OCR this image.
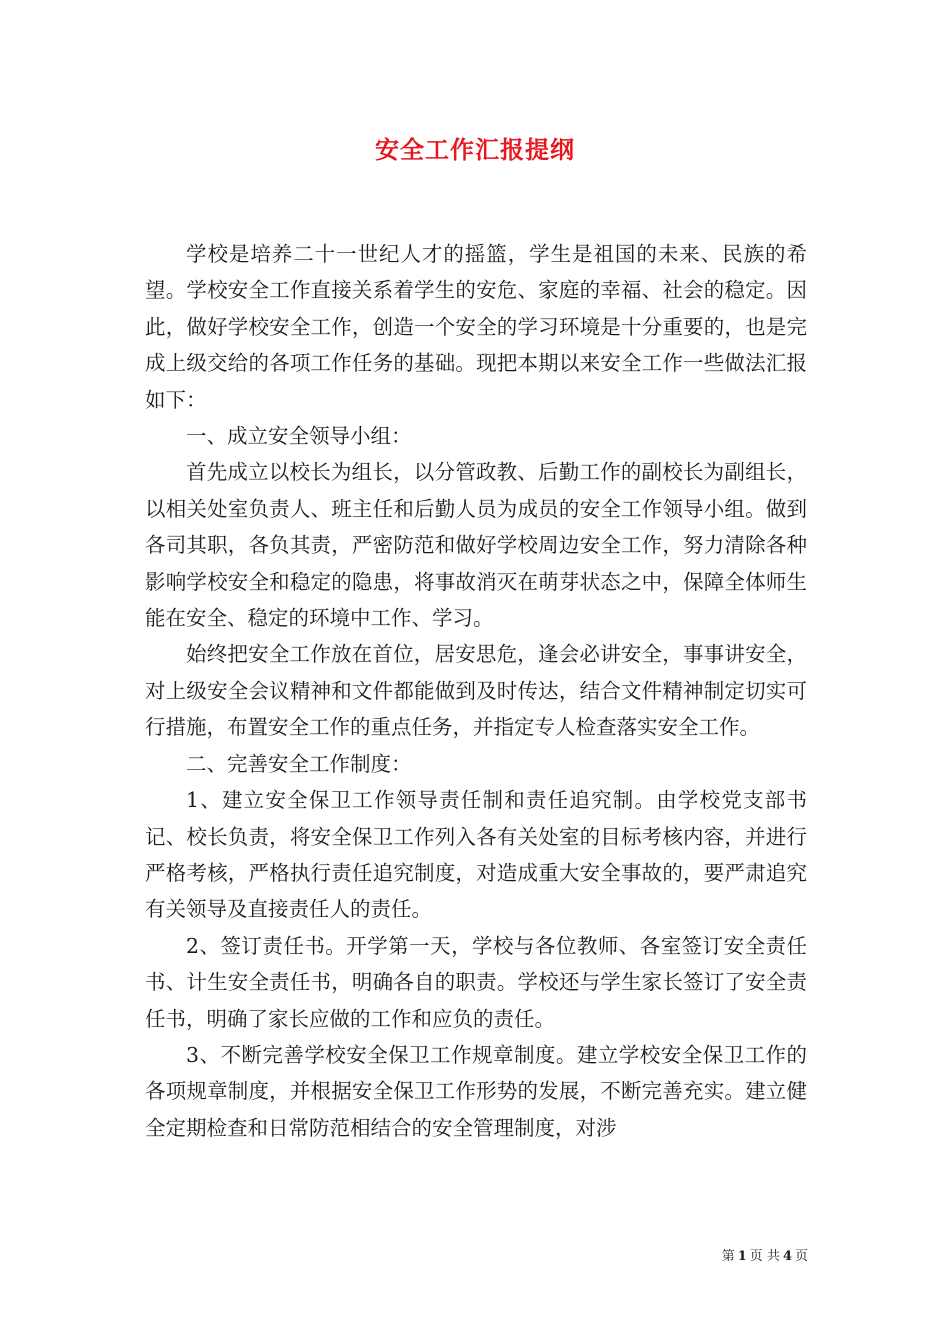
安全工作汇报提纲

学校是培养二十一世纪人才的摇篮，学生是祖国的未来、民族的希望。学校安全工作直接关系着学生的安危、家庭的幸福、社会的稳定。因此，做好学校安全工作，创造一个安全的学习环境是十分重要的，也是完成上级交给的各项工作任务的基础。现把本期以来安全工作一些做法汇报如下：

一、成立安全领导小组：

首先成立以校长为组长，以分管政教、后勤工作的副校长为副组长，以相关处室负责人、班主任和后勤人员为成员的安全工作领导小组。做到各司其职，各负其责，严密防范和做好学校周边安全工作，努力清除各种影响学校安全和稳定的隐患，将事故消灭在萌芽状态之中，保障全体师生能在安全、稳定的环境中工作、学习。

始终把安全工作放在首位，居安思危，逢会必讲安全，事事讲安全，对上级安全会议精神和文件都能做到及时传达，结合文件精神制定切实可行措施，布置安全工作的重点任务，并指定专人检查落实安全工作。

二、完善安全工作制度：

1、建立安全保卫工作领导责任制和责任追究制。由学校党支部书记、校长负责，将安全保卫工作列入各有关处室的目标考核内容，并进行严格考核，严格执行责任追究制度，对造成重大安全事故的，要严肃追究有关领导及直接责任人的责任。

2、签订责任书。开学第一天，学校与各位教师、各室签订安全责任书、计生安全责任书，明确各自的职责。学校还与学生家长签订了安全责任书，明确了家长应做的工作和应负的责任。

3、不断完善学校安全保卫工作规章制度。建立学校安全保卫工作的各项规章制度，并根据安全保卫工作形势的发展，不断完善充实。建立健全定期检查和日常防范相结合的安全管理制度，对涉

第 1 页 共 4 页
